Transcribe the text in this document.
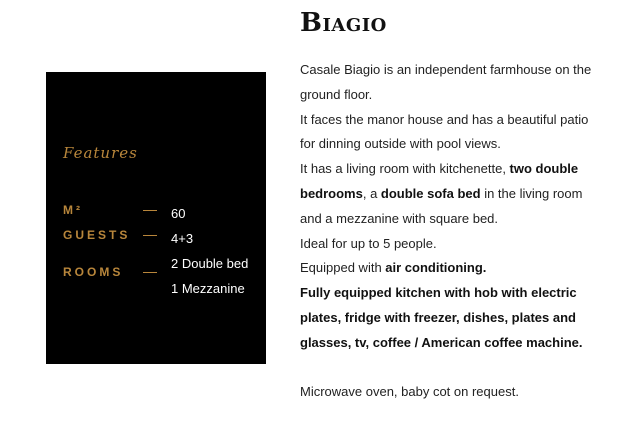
Features
M²	60
GUESTS	4+3
ROOMS
2 Double bed
1 Mezzanine
Biagio

Casale Biagio is an independent farmhouse on the ground floor.

It faces the manor house and has a beautiful patio for dinning outside with pool views.

It has a living room with kitchenette, two double bedrooms, a double sofa bed in the living room and a mezzanine with square bed.

Ideal for up to 5 people.

Equipped with air conditioning.

Fully equipped kitchen with hob with electric plates, fridge with freezer, dishes, plates and glasses, tv, coffee / American coffee machine.

Microwave oven, baby cot on request.
